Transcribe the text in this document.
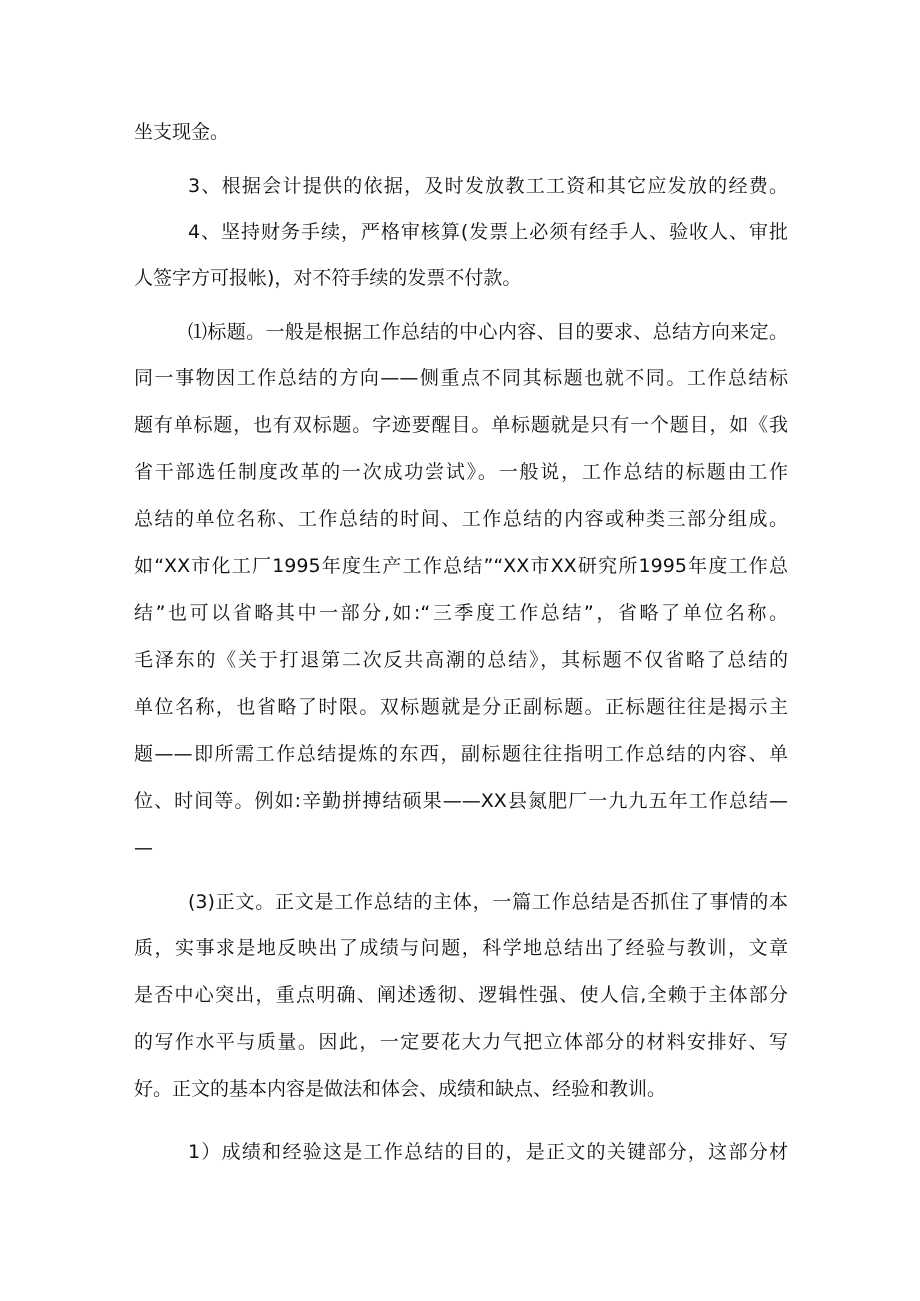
坐支现金。
3、根据会计提供的依据，及时发放教工工资和其它应发放的经费。
4、坚持财务手续，严格审核算(发票上必须有经手人、验收人、审批
人签字方可报帐)，对不符手续的发票不付款。
⑴标题。一般是根据工作总结的中心内容、目的要求、总结方向来定。
同一事物因工作总结的方向——侧重点不同其标题也就不同。工作总结标
题有单标题，也有双标题。字迹要醒目。单标题就是只有一个题目，如《我
省干部选任制度改革的一次成功尝试》。一般说，工作总结的标题由工作
总结的单位名称、工作总结的时间、工作总结的内容或种类三部分组成。
如“XX市化工厂1995年度生产工作总结”“XX市XX研究所1995年度工作总
结”也可以省略其中一部分,如:“三季度工作总结”，省略了单位名称。
毛泽东的《关于打退第二次反共高潮的总结》，其标题不仅省略了总结的
单位名称，也省略了时限。双标题就是分正副标题。正标题往往是揭示主
题——即所需工作总结提炼的东西，副标题往往指明工作总结的内容、单
位、时间等。例如:辛勤拼搏结硕果——XX县氮肥厂一九九五年工作总结—
—
(3)正文。正文是工作总结的主体，一篇工作总结是否抓住了事情的本
质，实事求是地反映出了成绩与问题，科学地总结出了经验与教训，文章
是否中心突出，重点明确、阐述透彻、逻辑性强、使人信,全赖于主体部分
的写作水平与质量。因此，一定要花大力气把立体部分的材料安排好、写
好。正文的基本内容是做法和体会、成绩和缺点、经验和教训。
1）成绩和经验这是工作总结的目的，是正文的关键部分，这部分材
